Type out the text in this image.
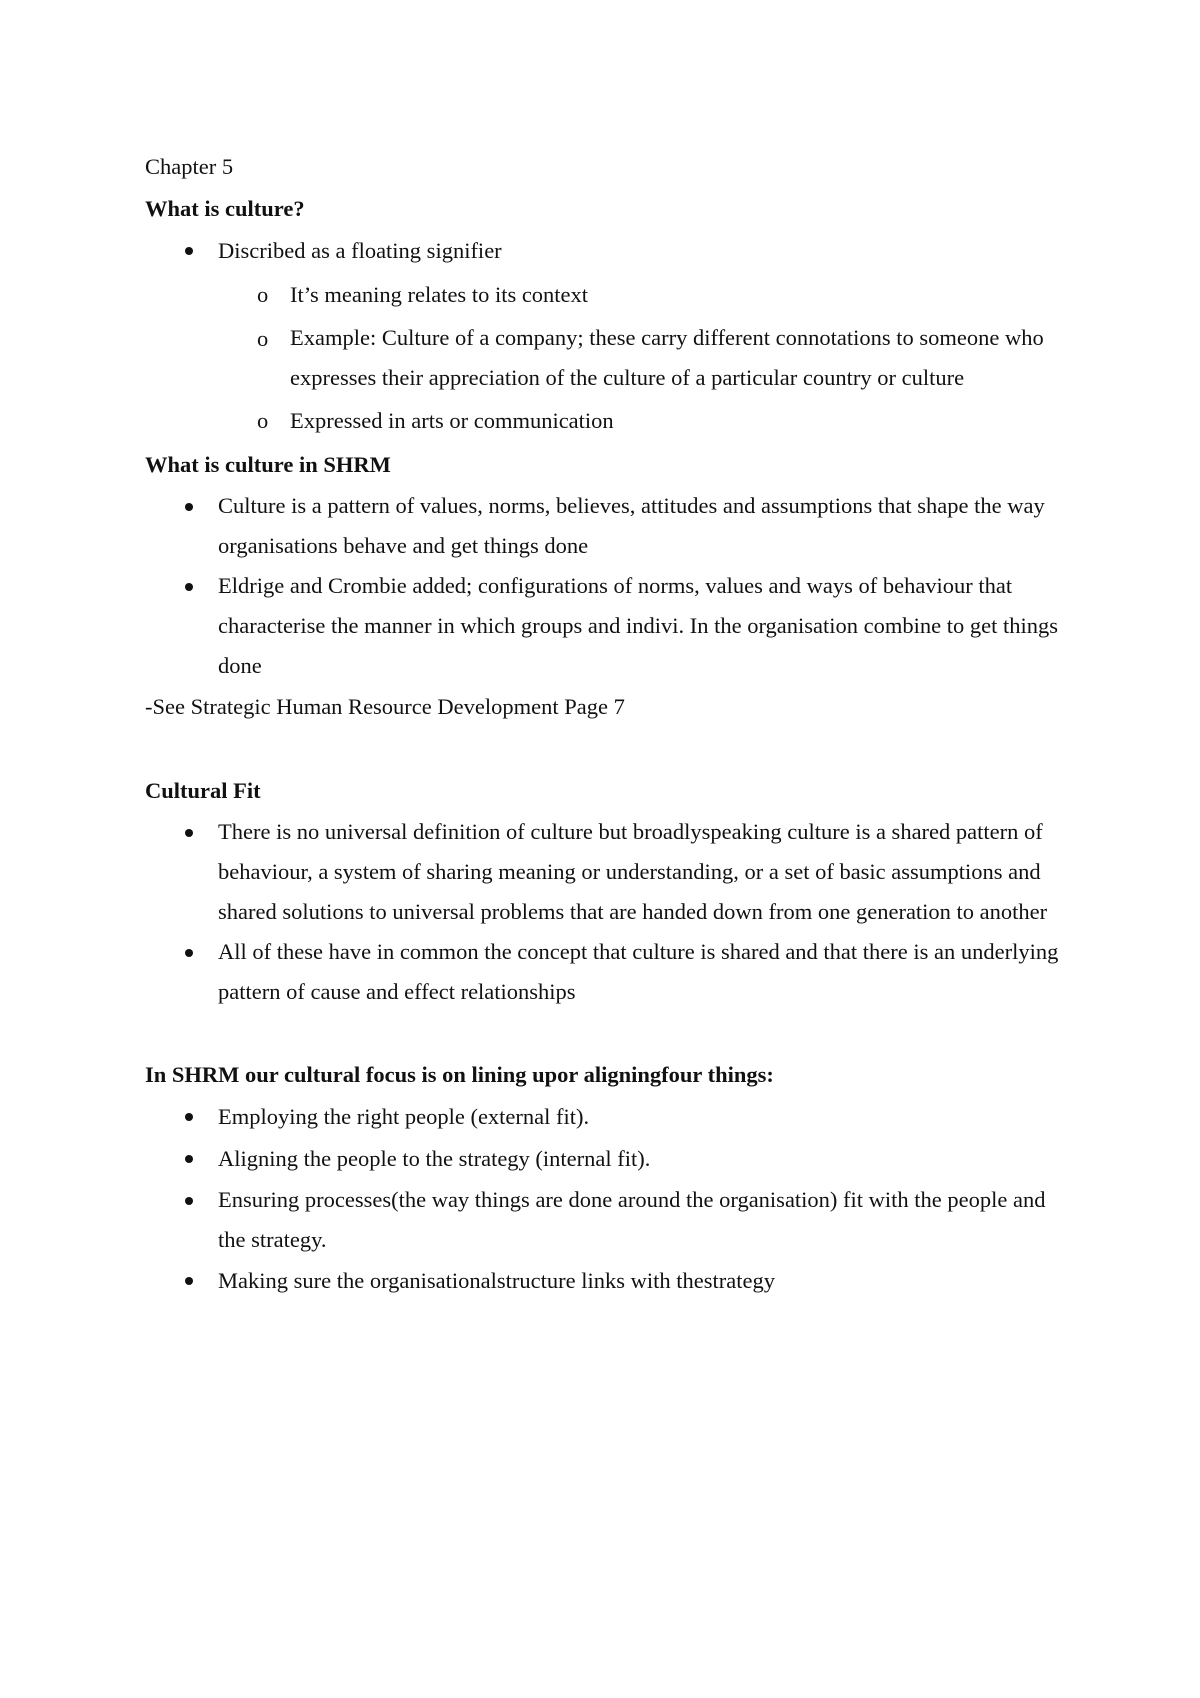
Chapter 5

What is culture?

Discribed as a floating signifier
o It’s meaning relates to its context
o Example: Culture of a company; these carry different connotations to someone who expresses their appreciation of the culture of a particular country or culture
o Expressed in arts or communication

What is culture in SHRM

Culture is a pattern of values, norms, believes, attitudes and assumptions that shape the way organisations behave and get things done
Eldrige and Crombie added; configurations of norms, values and ways of behaviour that characterise the manner in which groups and indivi. In the organisation combine to get things done

-See Strategic Human Resource Development Page 7

Cultural Fit

There is no universal definition of culture but broadlyspeaking culture is a shared pattern of behaviour, a system of sharing meaning or understanding, or a set of basic assumptions and shared solutions to universal problems that are handed down from one generation to another
All of these have in common the concept that culture is shared and that there is an underlying pattern of cause and effect relationships

In SHRM our cultural focus is on lining upor aligningfour things:

Employing the right people (external fit).
Aligning the people to the strategy (internal fit).
Ensuring processes(the way things are done around the organisation) fit with the people and the strategy.
Making sure the organisationalstructure links with thestrategy
